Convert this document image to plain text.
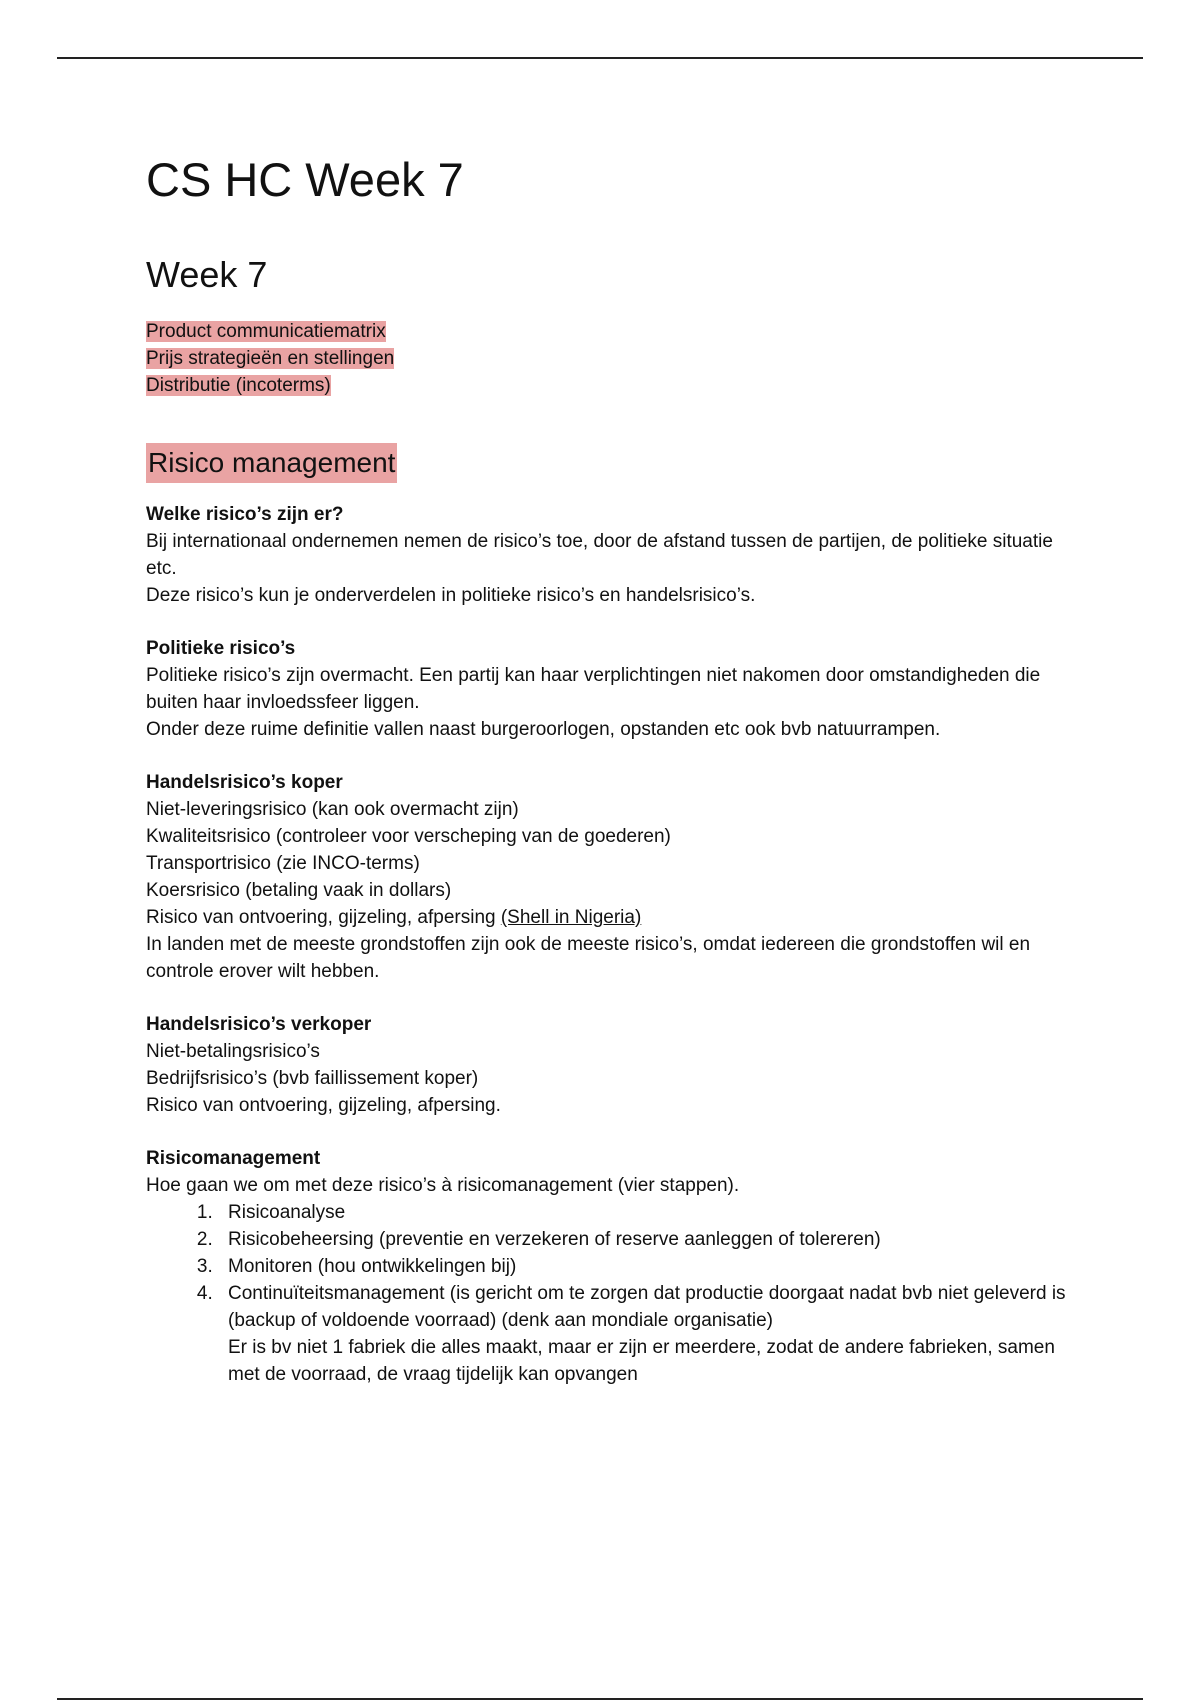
CS HC Week 7
Week 7
Product communicatiematrix
Prijs strategieën en stellingen
Distributie (incoterms)
Risico management
Welke risico’s zijn er?

Bij internationaal ondernemen nemen de risico’s toe, door de afstand tussen de partijen, de politieke situatie etc.

Deze risico’s kun je onderverdelen in politieke risico’s en handelsrisico’s.

Politieke risico’s

Politieke risico’s zijn overmacht. Een partij kan haar verplichtingen niet nakomen door omstandigheden die buiten haar invloedssfeer liggen.

Onder deze ruime definitie vallen naast burgeroorlogen, opstanden etc ook bvb natuurrampen.

Handelsrisico’s koper

Niet-leveringsrisico (kan ook overmacht zijn)

Kwaliteitsrisico (controleer voor verscheping van de goederen)

Transportrisico (zie INCO-terms)

Koersrisico (betaling vaak in dollars)

Risico van ontvoering, gijzeling, afpersing (Shell in Nigeria)

In landen met de meeste grondstoffen zijn ook de meeste risico’s, omdat iedereen die grondstoffen wil en controle erover wilt hebben.

Handelsrisico’s verkoper

Niet-betalingsrisico’s

Bedrijfsrisico’s (bvb faillissement koper)

Risico van ontvoering, gijzeling, afpersing.

Risicomanagement

Hoe gaan we om met deze risico’s à risicomanagement (vier stappen).

1. Risicoanalyse
2. Risicobeheersing (preventie en verzekeren of reserve aanleggen of tolereren)
3. Monitoren (hou ontwikkelingen bij)
4. Continuïteitsmanagement (is gericht om te zorgen dat productie doorgaat nadat bvb niet geleverd is (backup of voldoende voorraad) (denk aan mondiale organisatie)
Er is bv niet 1 fabriek die alles maakt, maar er zijn er meerdere, zodat de andere fabrieken, samen met de voorraad, de vraag tijdelijk kan opvangen
